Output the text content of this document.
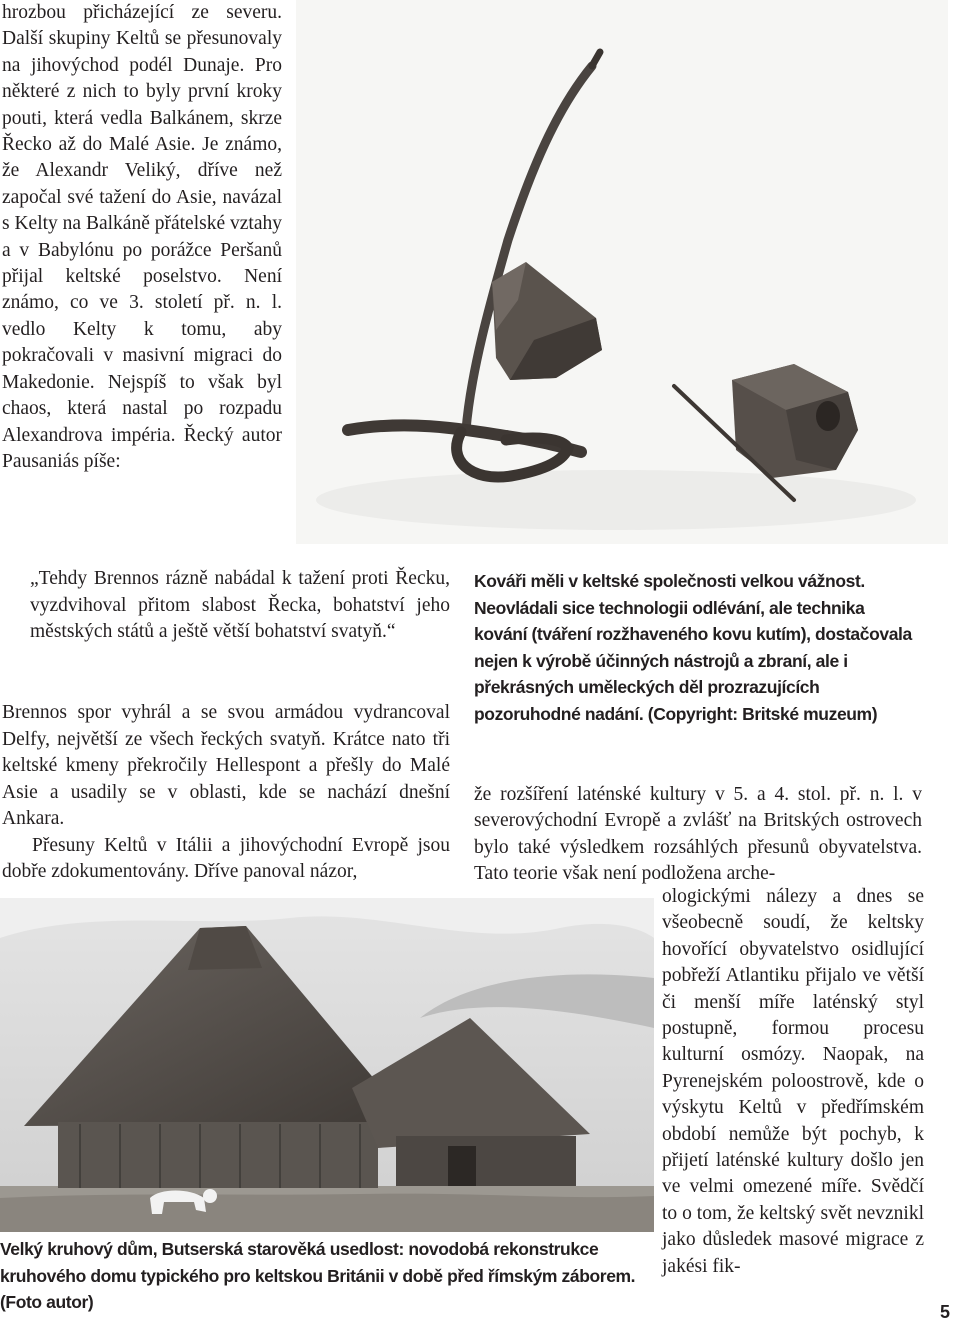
hrozbou přicházející ze severu. Další skupiny Keltů se přesunovaly na jihovýchod podél Dunaje. Pro některé z nich to byly první kroky pouti, která vedla Balkánem, skrze Řecko až do Malé Asie. Je známo, že Alexandr Veliký, dříve než započal své tažení do Asie, navázal s Kelty na Balkáně přátelské vztahy a v Babylónu po porážce Peršanů přijal keltské poselstvo. Není známo, co ve 3. století př. n. l. vedlo Kelty k tomu, aby pokračovali v masivní migraci do Makedonie. Nejspíš to však byl chaos, která nastal po rozpadu Alexandrova impéria. Řecký autor Pausaniás píše:

„Tehdy Brennos rázně nabádal k tažení proti Řecku, vyzdvihoval přitom slabost Řecka, bohatství jeho městských států a ještě větší bohatství svatyň.“

Brennos spor vyhrál a se svou armádou vydrancoval Delfy, největší ze všech řeckých svatyň. Krátce nato tři keltské kmeny překročily Hellespont a přešly do Malé Asie a usadily se v oblasti, kde se nachází dnešní Ankara.

Přesuny Keltů v Itálii a jihovýchodní Evropě jsou dobře zdokumentovány. Dříve panoval názor,

Kováři měli v keltské společnosti velkou vážnost. Neovládali sice technologii odlévání, ale technika kování (tváření rozžhaveného kovu kutím), dostačovala nejen k výrobě účinných nástrojů a zbraní, ale i překrásných uměleckých děl prozrazujících pozoruhodné nadání. (Copyright: Britské muzeum)

že rozšíření laténské kultury v 5. a 4. stol. př. n. l. v severovýchodní Evropě a zvlášť na Britských ostrovech bylo také výsledkem rozsáhlých přesunů obyvatelstva. Tato teorie však není podložena arche-

ologickými nálezy a dnes se všeobecně soudí, že keltsky hovořící obyvatelstvo osidlující pobřeží Atlantiku přijalo ve větší či menší míře laténský styl postupně, formou procesu kulturní osmózy. Naopak, na Pyrenejském poloostrově, kde o výskytu Keltů v předřímském období nemůže být pochyb, k přijetí laténské kultury došlo jen ve velmi omezené míře. Svědčí to o tom, že keltský svět nevznikl jako důsledek masové migrace z jakési fik-

Velký kruhový dům, Butserská starověká usedlost: novodobá rekonstrukce kruhového domu typického pro keltskou Británii v době před římským záborem. (Foto autor)	5
